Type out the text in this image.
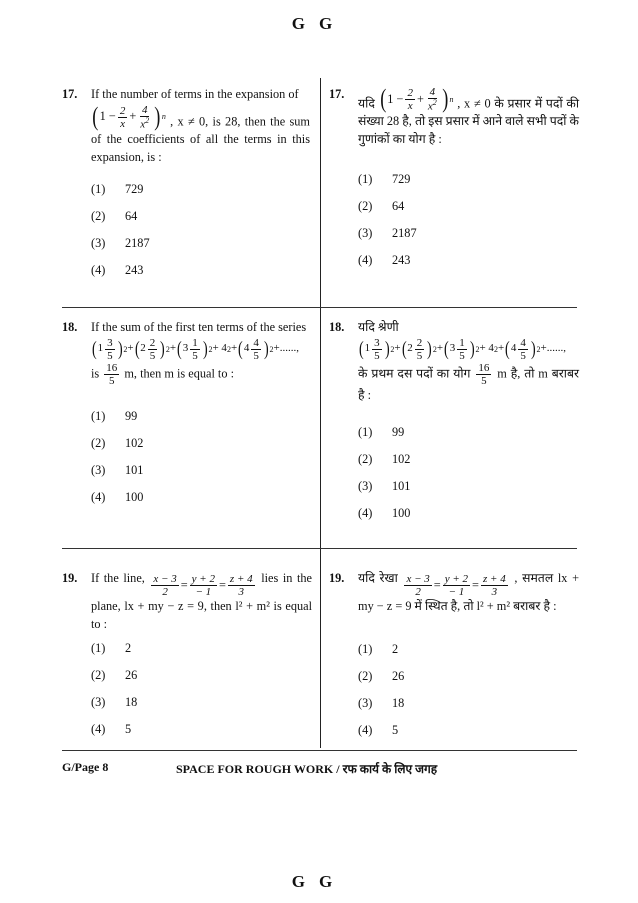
GG
17. If the number of terms in the expansion of

( $1 - \frac{2}{x} + \frac{4}{x^2}$ ) n , x ≠ 0, is 28, then the sum of the coefficients of all the terms in this expansion, is :
(1)	729
(2)	64
(3)	2187
(4)	243
17.
यदि ( $1 - \frac{2}{x} + \frac{4}{x^2}$ ) n , x ≠ 0 के प्रसार में पदों की संख्या 28 है, तो इस प्रसार में आने वाले सभी पदों के गुणांकों का योग है :
(1)	729
(2)	64
(3)	2187
(4)	243
18. If the sum of the first ten terms of the series

( $1 \frac{3}{5}$ ) 2 + ( $2 \frac{2}{5}$ ) 2 + ( $3 \frac{1}{5}$ ) 2 + 4 2 + ( $4 \frac{4}{5}$ ) 2 +......,

is $\frac{16}{5} m$, then m is equal to :
(1)	99
(2)	102
(3)	101
(4)	100
18. यदि श्रेणी

( $1 \frac{3}{5}$ ) 2 + ( $2 \frac{2}{5}$ ) 2 + ( $3 \frac{1}{5}$ ) 2 + 4 2 + ( $4 \frac{4}{5}$ ) 2 +......,

के प्रथम दस पदों का योग $\frac{16}{5}$ m है, तो m बराबर है :
(1)	99
(2)	102
(3)	101
(4)	100
19. If the line, $\frac{x - 3}{2} = \frac{y + 2}{- 1} = \frac{z + 4}{3}$ lies in the plane, lx + my − z = 9, then l² + m² is equal to :
(1)	2
(2)	26
(3)	18
(4)	5
19. यदि रेखा $\frac{x - 3}{2} = \frac{y + 2}{- 1} = \frac{z + 4}{3}$ , समतल lx + my − z = 9 में स्थित है, तो l² + m² बराबर है :
(1)	2
(2)	26
(3)	18
(4)	5
G/Page 8	SPACE FOR ROUGH WORK / रफ कार्य के लिए जगह
GG
